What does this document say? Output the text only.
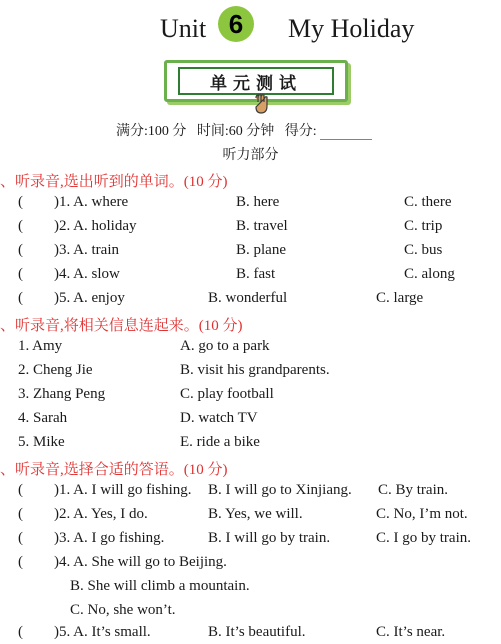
Unit 6	My Holiday
单元测试
满分:100 分 时间:60 分钟 得分:
听力部分
、听录音,选出听到的单词。(10 分)
( )1. A. where	B. here	C. there
( )2. A. holiday	B. travel	C. trip
( )3. A. train	B. plane	C. bus
( )4. A. slow	B. fast	C. along
( )5. A. enjoy	B. wonderful	C. large
、听录音,将相关信息连起来。(10 分)
1. Amy	A. go to a park
2. Cheng Jie	B. visit his grandparents.
3. Zhang Peng	C. play football
4. Sarah	D. watch TV
5. Mike	E. ride a bike
、听录音,选择合适的答语。(10 分)
( )1. A. I will go fishing. B. I will go to Xinjiang. C. By train.
( )2. A. Yes, I do.	B. Yes, we will.	C. No, I’m not.
( )3. A. I go fishing.	B. I will go by train.	C. I go by train.
( )4. A. She will go to Beijing.
B. She will climb a mountain.
C. No, she won’t.
( )5. A. It’s small.	B. It’s beautiful.	C. It’s near.
